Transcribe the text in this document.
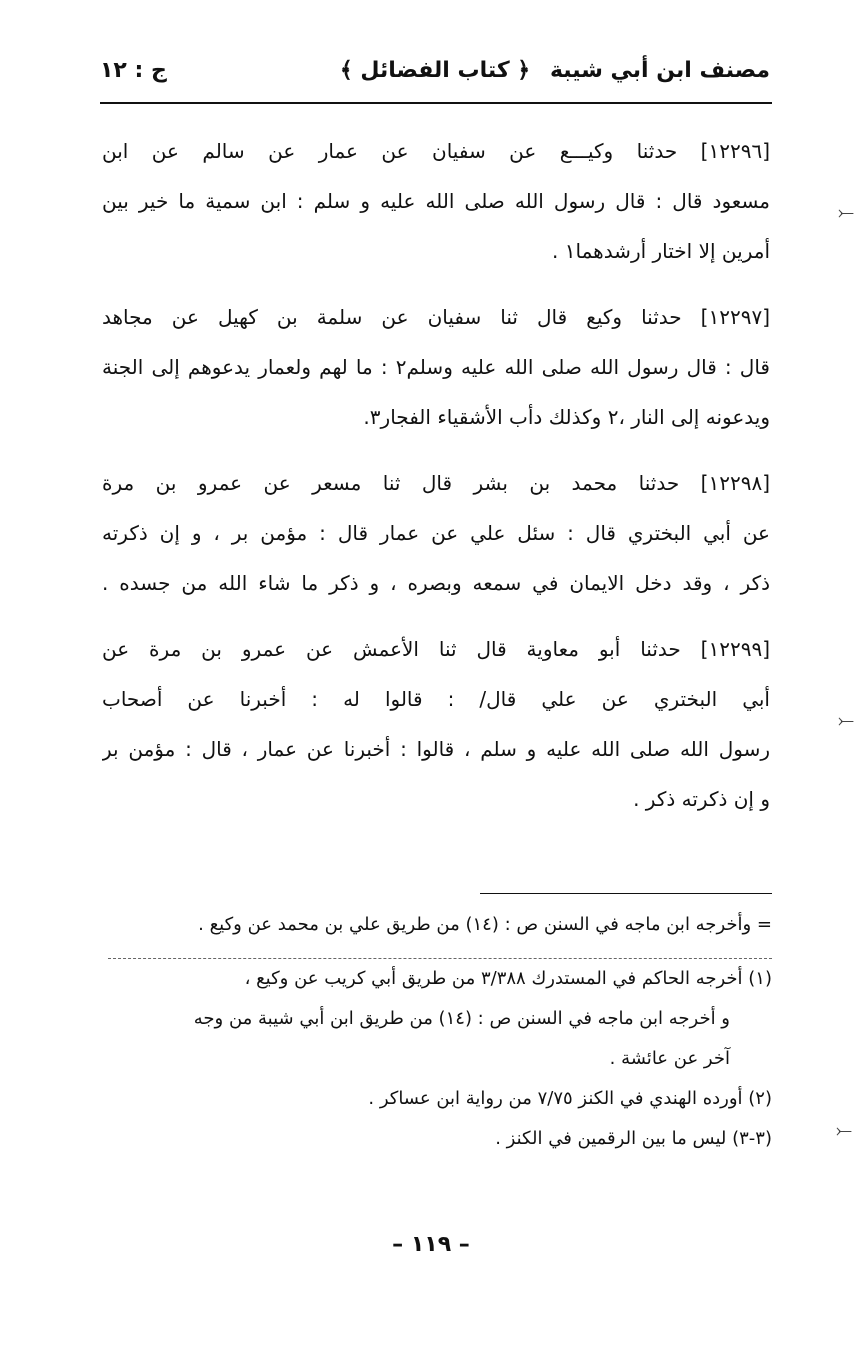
مصنف ابن أبي شيبة
﴿ كتاب الفضائل ﴾
ج : ١٢
[١٢٢٩٦] حدثنا وكيـــع عن سفيان عن عمار عن سالم عن ابن
مسعود قال : قال رسول الله صلى الله عليه و سلم : ابن سمية ما خير بين
أمرين إلا اختار أرشدهما١ .
[١٢٢٩٧] حدثنا وكيع قال ثنا سفيان عن سلمة بن كهيل عن مجاهد
قال : قال رسول الله صلى الله عليه وسلم٢ : ما لهم ولعمار يدعوهم إلى الجنة
ويدعونه إلى النار ،٢ وكذلك دأب الأشقياء الفجار٣.
[١٢٢٩٨] حدثنا محمد بن بشر قال ثنا مسعر عن عمرو بن مرة
عن أبي البختري قال : سئل علي عن عمار قال : مؤمن بر ، و إن ذكرته
ذكر ، وقد دخل الايمان في سمعه وبصره ، و ذكر ما شاء الله من جسده .
[١٢٢٩٩] حدثنا أبو معاوية قال ثنا الأعمش عن عمرو بن مرة عن
أبي البختري عن علي قال/ : قالوا له : أخبرنا عن أصحاب
رسول الله صلى الله عليه و سلم ، قالوا : أخبرنا عن عمار ، قال : مؤمن بر
و إن ذكرته ذكر .
= وأخرجه ابن ماجه في السنن ص : (١٤) من طريق علي بن محمد عن وكيع .
(١) أخرجه الحاكم في المستدرك ٣/٣٨٨ من طريق أبي كريب عن وكيع ،
و أخرجه ابن ماجه في السنن ص : (١٤) من طريق ابن أبي شيبة من وجه
آخر عن عائشة .
(٢) أورده الهندي في الكنز ٧/٧٥ من رواية ابن عساكر .
(٣-٣) ليس ما بين الرقمين في الكنز .
– ١١٩ –
⤚
⤚
⤚
